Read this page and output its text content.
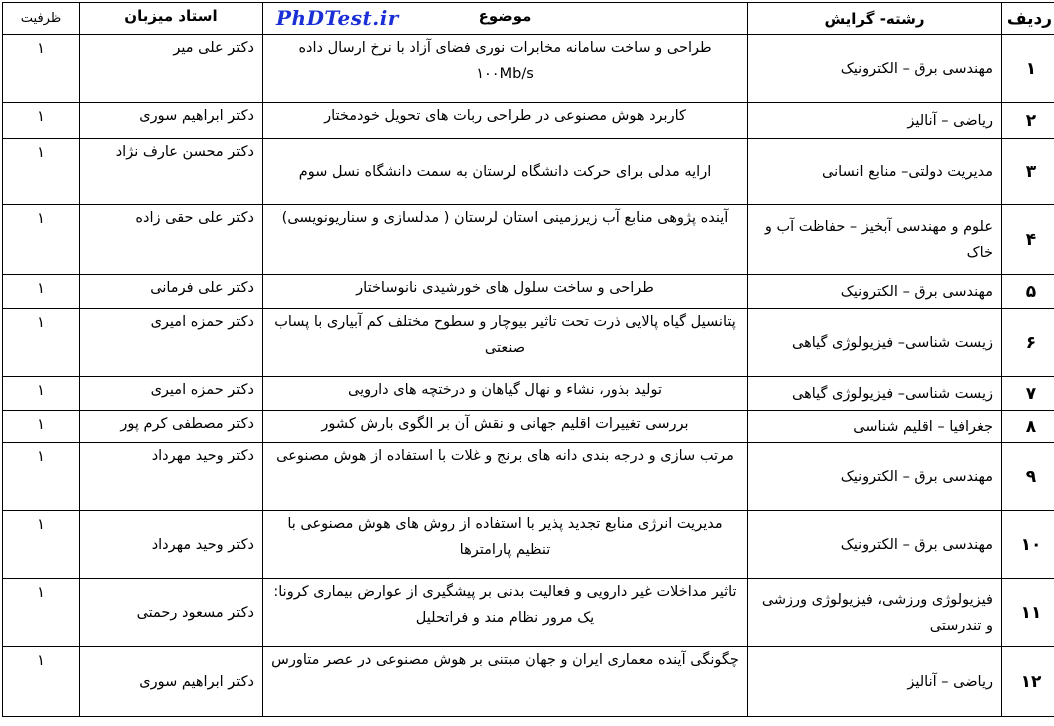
ردیف	رشته- گرایش	موضوع	استاد میزبان	ظرفیت
۱	مهندسی برق – الکترونیک	طراحی و ساخت سامانه مخابرات نوری فضای آزاد با نرخ ارسال داده ۱۰۰Mb/s	دکتر علی میر	۱
۲	ریاضی – آنالیز	کاربرد هوش مصنوعی در طراحی ربات های تحویل خودمختار	دکتر ابراهیم سوری	۱
۳	مدیریت دولتی– منابع انسانی	ارایه مدلی برای حرکت دانشگاه لرستان به سمت دانشگاه نسل سوم	دکتر محسن عارف نژاد	۱
۴	علوم و مهندسی آبخیز – حفاظت آب و خاک	آینده پژوهی منابع آب زیرزمینی استان لرستان ( مدلسازی و سناریونویسی)	دکتر علی حقی زاده	۱
۵	مهندسی برق – الکترونیک	طراحی و ساخت سلول های خورشیدی نانوساختار	دکتر علی فرمانی	۱
۶	زیست شناسی– فیزیولوژی گیاهی	پتانسیل گیاه پالایی ذرت تحت تاثیر بیوچار و سطوح مختلف کم آبیاری با پساب صنعتی	دکتر حمزه امیری	۱
۷	زیست شناسی– فیزیولوژی گیاهی	تولید بذور، نشاء و نهال گیاهان و درختچه های دارویی	دکتر حمزه امیری	۱
۸	جغرافیا – اقلیم شناسی	بررسی تغییرات اقلیم جهانی و نقش آن بر الگوی بارش کشور	دکتر مصطفی کرم پور	۱
۹	مهندسی برق – الکترونیک	مرتب سازی و درجه بندی دانه های برنج و غلات با استفاده از هوش مصنوعی	دکتر وحید مهرداد	۱
۱۰	مهندسی برق – الکترونیک	مدیریت انرژی منابع تجدید پذیر با استفاده از روش های هوش مصنوعی با تنظیم پارامترها	دکتر وحید مهرداد	۱
۱۱	فیزیولوژی ورزشی، فیزیولوژی ورزشی و تندرستی	تاثیر مداخلات غیر دارویی و فعالیت بدنی بر پیشگیری از عوارض بیماری کرونا: یک مرور نظام مند و فراتحلیل	دکتر مسعود رحمتی	۱
۱۲	ریاضی – آنالیز	چگونگی آینده معماری ایران و جهان مبتنی بر هوش مصنوعی در عصر متاورس	دکتر ابراهیم سوری	۱
PhDTest.ir
